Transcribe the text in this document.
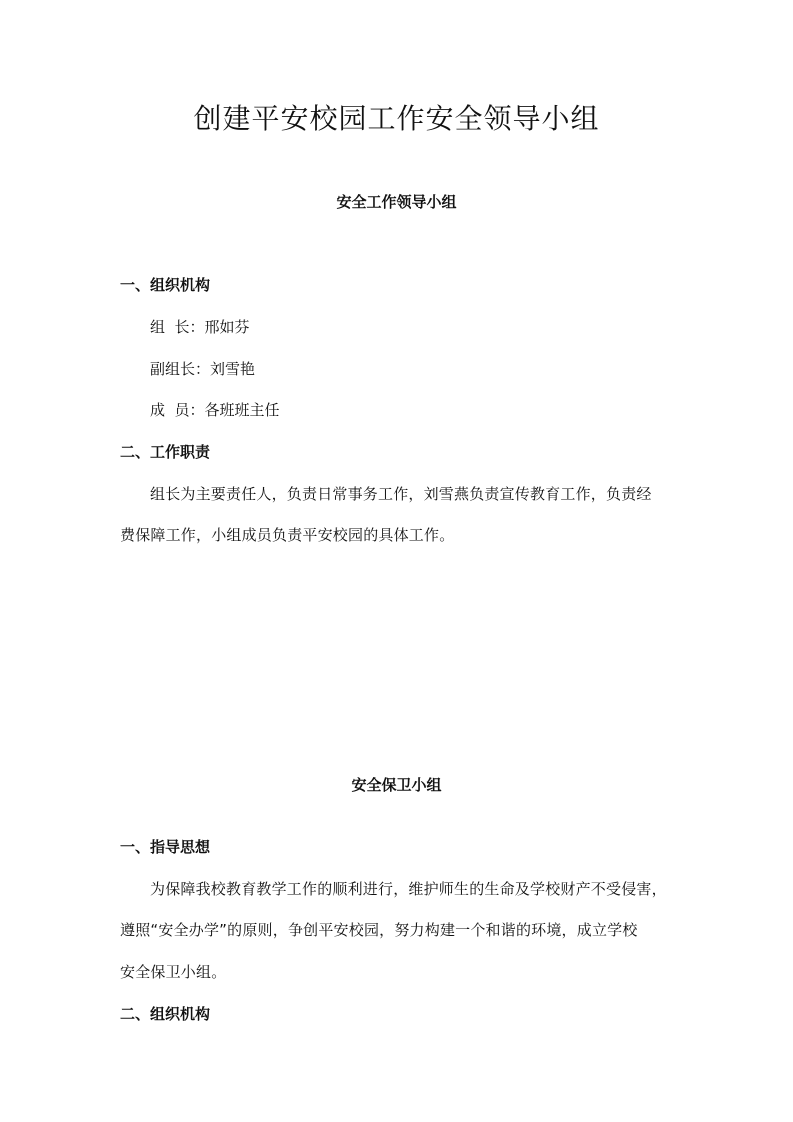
创建平安校园工作安全领导小组
安全工作领导小组
一、组织机构
组  长：邢如芬
副组长：刘雪艳
成  员：各班班主任
二、工作职责
组长为主要责任人，负责日常事务工作，刘雪燕负责宣传教育工作，负责经
费保障工作，小组成员负责平安校园的具体工作。
安全保卫小组
一、指导思想
为保障我校教育教学工作的顺利进行，维护师生的生命及学校财产不受侵害，
遵照“安全办学”的原则，争创平安校园，努力构建一个和谐的环境，成立学校
安全保卫小组。
二、组织机构
